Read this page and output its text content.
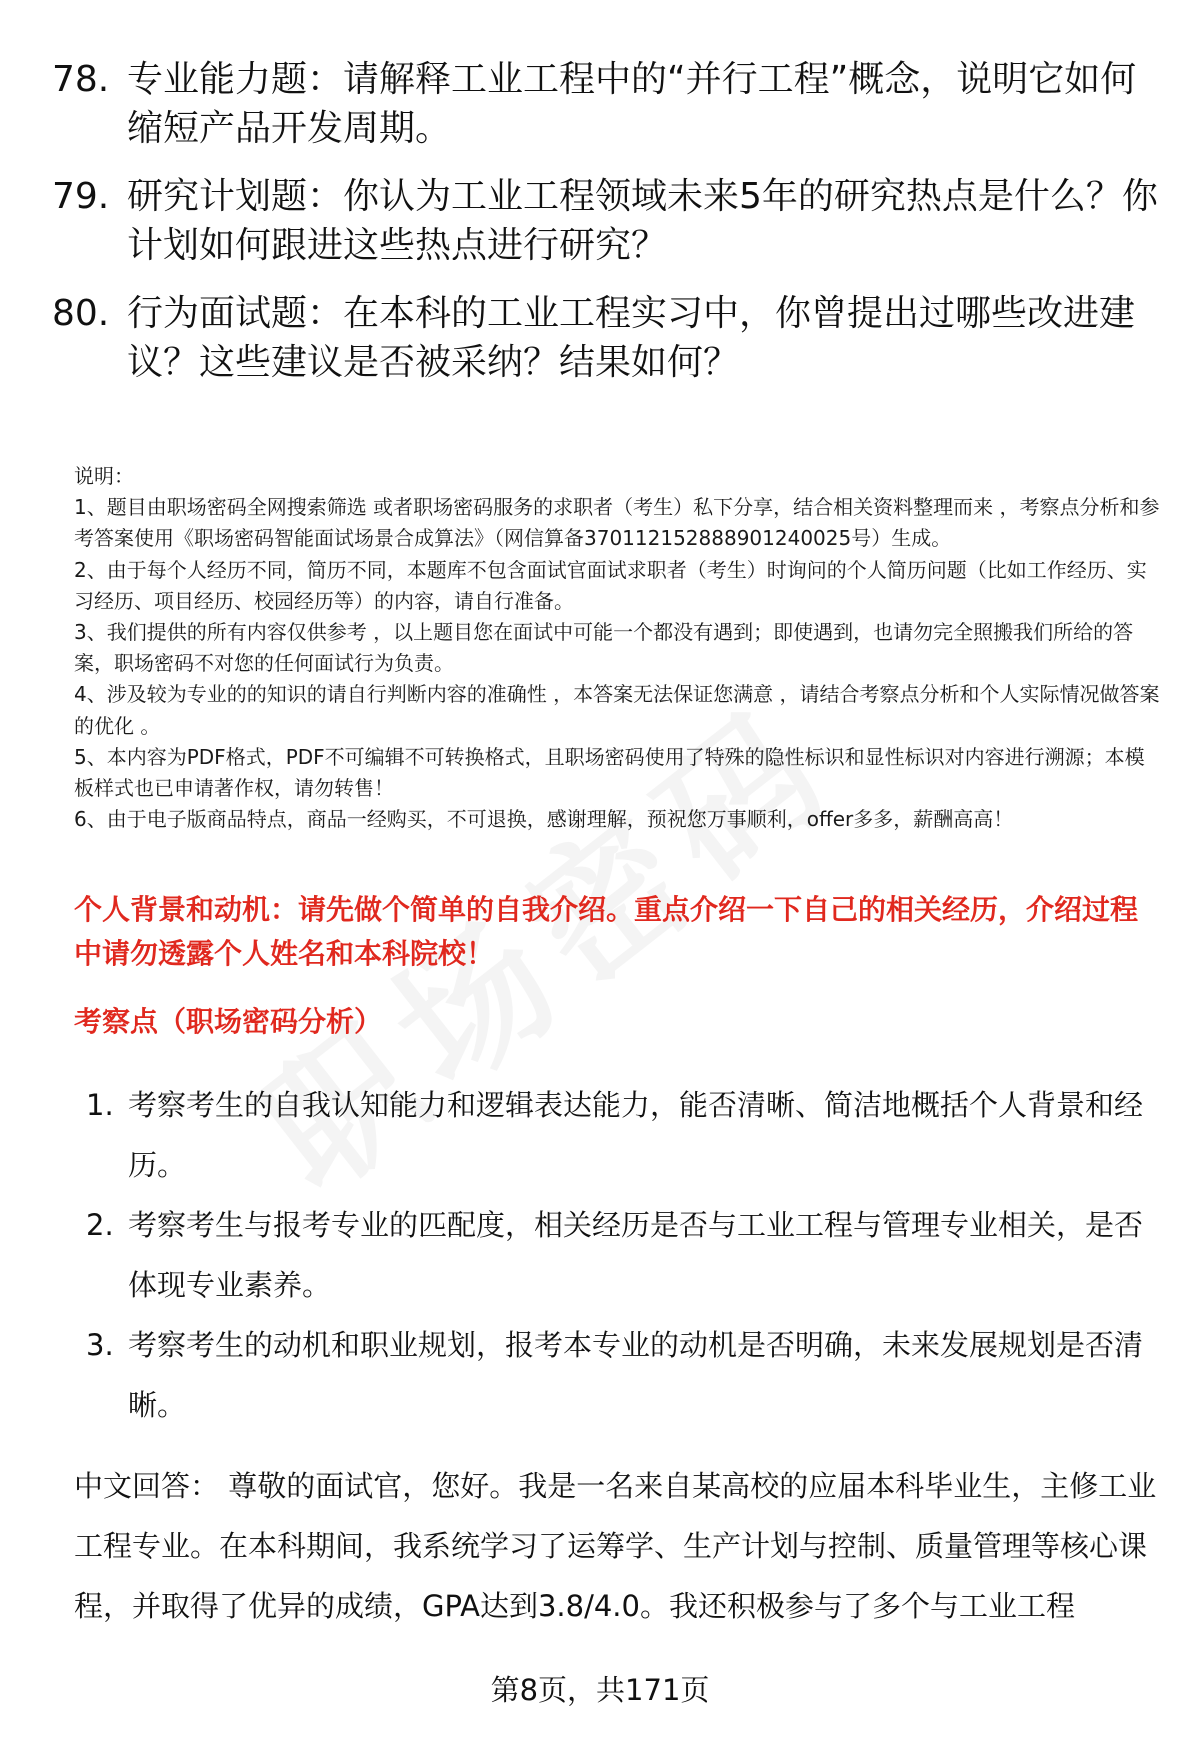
78. 专业能力题：请解释工业工程中的“并行工程”概念，说明它如何缩短产品开发周期。
79. 研究计划题：你认为工业工程领域未来5年的研究热点是什么？你计划如何跟进这些热点进行研究？
80. 行为面试题：在本科的工业工程实习中，你曾提出过哪些改进建议？这些建议是否被采纳？结果如何？
说明：
1、题目由职场密码全网搜索筛选 或者职场密码服务的求职者（考生）私下分享，结合相关资料整理而来 ，考察点分析和参考答案使用《职场密码智能面试场景合成算法》（网信算备370112152888901240025号）生成。
2、由于每个人经历不同，简历不同，本题库不包含面试官面试求职者（考生）时询问的个人简历问题（比如工作经历、实习经历、项目经历、校园经历等）的内容，请自行准备。
3、我们提供的所有内容仅供参考 ，以上题目您在面试中可能一个都没有遇到；即使遇到，也请勿完全照搬我们所给的答案，职场密码不对您的任何面试行为负责。
4、涉及较为专业的的知识的请自行判断内容的准确性 ，本答案无法保证您满意 ，请结合考察点分析和个人实际情况做答案的优化 。
5、本内容为PDF格式，PDF不可编辑不可转换格式，且职场密码使用了特殊的隐性标识和显性标识对内容进行溯源；本模板样式也已申请著作权，请勿转售！
6、由于电子版商品特点，商品一经购买，不可退换，感谢理解，预祝您万事顺利，offer多多，薪酬高高！
个人背景和动机：请先做个简单的自我介绍。重点介绍一下自己的相关经历，介绍过程中请勿透露个人姓名和本科院校！
考察点（职场密码分析）
1. 考察考生的自我认知能力和逻辑表达能力，能否清晰、简洁地概括个人背景和经历。
2. 考察考生与报考专业的匹配度，相关经历是否与工业工程与管理专业相关，是否体现专业素养。
3. 考察考生的动机和职业规划，报考本专业的动机是否明确，未来发展规划是否清晰。
中文回答： 尊敬的面试官，您好。我是一名来自某高校的应届本科毕业生，主修工业工程专业。在本科期间，我系统学习了运筹学、生产计划与控制、质量管理等核心课程，并取得了优异的成绩，GPA达到3.8/4.0。我还积极参与了多个与工业工程
第8页，共171页
